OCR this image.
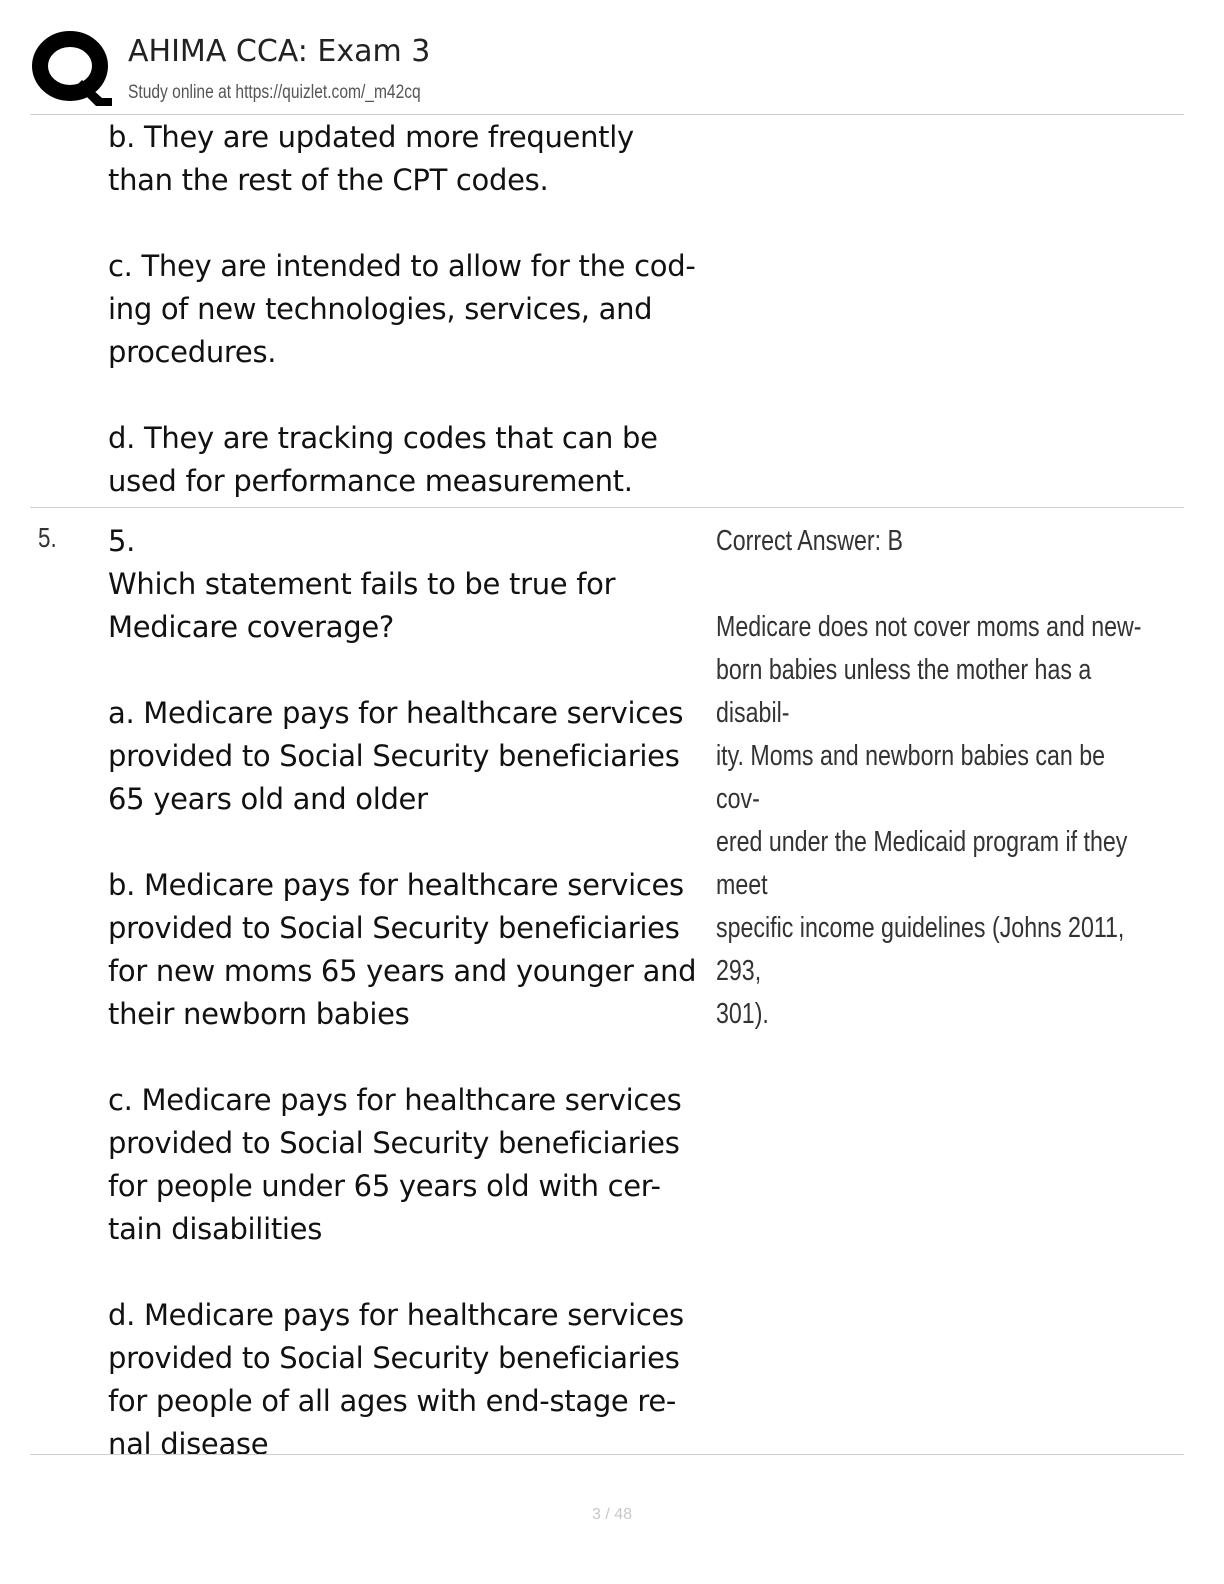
AHIMA CCA: Exam 3
Study online at https://quizlet.com/_m42cq
b. They are updated more frequently
than the rest of the CPT codes.

c. They are intended to allow for the cod-
ing of new technologies, services, and
procedures.

d. They are tracking codes that can be
used for performance measurement.
5. 5.
Which statement fails to be true for
Medicare coverage?

a. Medicare pays for healthcare services
provided to Social Security beneficiaries
65 years old and older

b. Medicare pays for healthcare services
provided to Social Security beneficiaries
for new moms 65 years and younger and
their newborn babies

c. Medicare pays for healthcare services
provided to Social Security beneficiaries
for people under 65 years old with cer-
tain disabilities

d. Medicare pays for healthcare services
provided to Social Security beneficiaries
for people of all ages with end-stage re-
nal disease
Correct Answer: B

Medicare does not cover moms and new-
born babies unless the mother has a disabil-
ity. Moms and newborn babies can be cov-
ered under the Medicaid program if they meet
specific income guidelines (Johns 2011, 293,
301).
3 / 48
